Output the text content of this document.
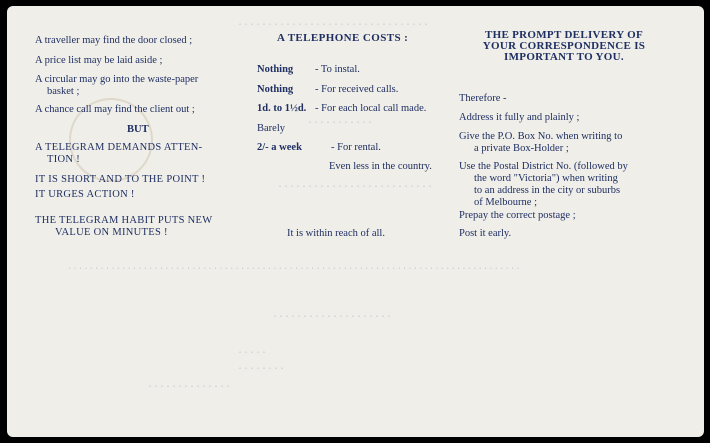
................................
...........
..........................
....................................................................................
....................
.....
........
..............
A traveller may find the door closed ;
A price list may be laid aside ;
A circular may go into the waste-paper
basket ;
A chance call may find the client out ;
BUT
A TELEGRAM DEMANDS ATTEN-
TION !
IT IS SHORT AND TO THE POINT !
IT URGES ACTION !
THE TELEGRAM HABIT PUTS NEW
VALUE ON MINUTES !
A TELEPHONE COSTS :
Nothing - To instal.
Nothing - For received calls.
1d. to 1½d. - For each local call made.
Barely
2/- a week	- For rental.
Even less in the country.
It is within reach of all.
THE PROMPT DELIVERY OF
YOUR CORRESPONDENCE IS
IMPORTANT TO YOU.
Therefore -
Address it fully and plainly ;
Give the P.O. Box No. when writing to
a private Box-Holder ;
Use the Postal District No. (followed by
the word "Victoria") when writing
to an address in the city or suburbs
of Melbourne ;
Prepay the correct postage ;
Post it early.
